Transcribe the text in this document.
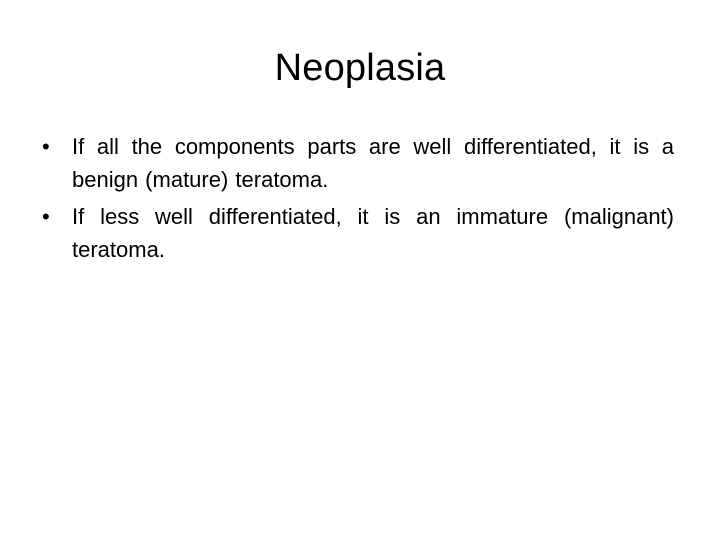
Neoplasia
•	If all the components parts are well differentiated, it is a benign (mature) teratoma.
•	If less well differentiated, it is an immature (malignant) teratoma.
